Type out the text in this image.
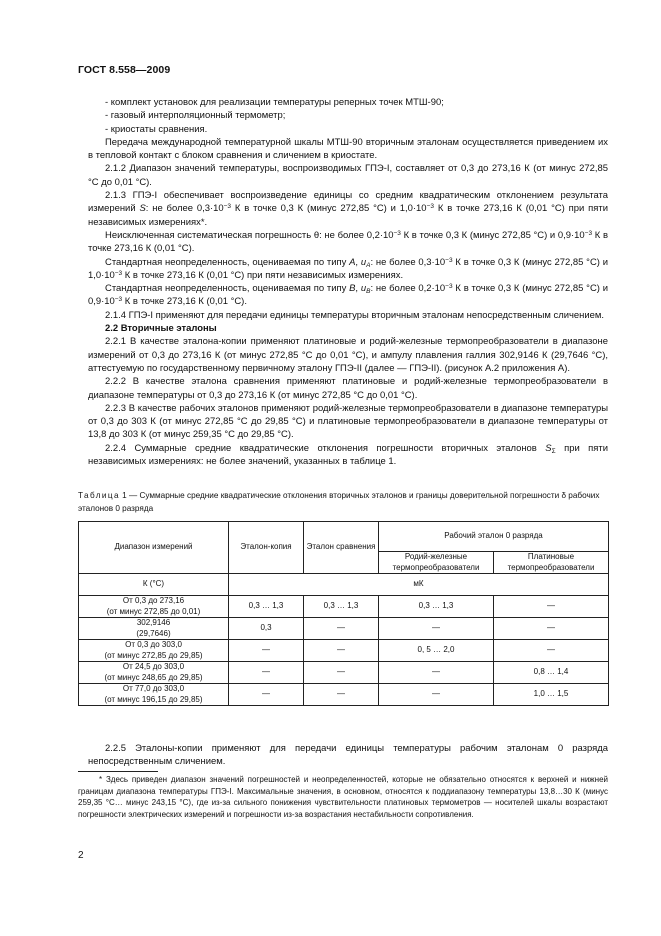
ГОСТ 8.558—2009

- комплект установок для реализации температуры реперных точек МТШ-90;

- газовый интерполяционный термометр;

- криостаты сравнения.

Передача международной температурной шкалы МТШ-90 вторичным эталонам осуществляется приведением их в тепловой контакт с блоком сравнения и сличением в криостате.

2.1.2 Диапазон значений температуры, воспроизводимых ГПЭ-I, составляет от 0,3 до 273,16 К (от минус 272,85 °С до 0,01 °С).

2.1.3 ГПЭ-I обеспечивает воспроизведение единицы со средним квадратическим отклонением результата измерений S: не более $0,3\cdot 10^{-3}$ К в точке 0,3 К (минус 272,85 °С) и $1,0\cdot 10^{-3}$ К в точке 273,16 К (0,01 °С) при пяти независимых измерениях*.

Неисключенная систематическая погрешность θ: не более $0,2\cdot 10^{-3}$ К в точке 0,3 К (минус 272,85 °С) и $0,9\cdot 10^{-3}$ К в точке 273,16 К (0,01 °С).

Стандартная неопределенность, оцениваемая по типу А, $u_A$: не более $0,3\cdot 10^{-3}$ К в точке 0,3 К (минус 272,85 °С) и $1,0\cdot 10^{-3}$ К в точке 273,16 К (0,01 °С) при пяти независимых измерениях.

Стандартная неопределенность, оцениваемая по типу В, $u_B$: не более $0,2\cdot 10^{-3}$ К в точке 0,3 К (минус 272,85 °С) и $0,9\cdot 10^{-3}$ К в точке 273,16 К (0,01 °С).

2.1.4 ГПЭ-I применяют для передачи единицы температуры вторичным эталонам непосредственным сличением.

2.2 Вторичные эталоны

2.2.1 В качестве эталона-копии применяют платиновые и родий-железные термопреобразователи в диапазоне измерений от 0,3 до 273,16 К (от минус 272,85 °С до 0,01 °С), и ампулу плавления галлия 302,9146 К (29,7646 °С), аттестуемую по государственному первичному эталону ГПЭ-II (далее — ГПЭ-II). (рисунок А.2 приложения А).

2.2.2 В качестве эталона сравнения применяют платиновые и родий-железные термопреобразователи в диапазоне температуры от 0,3 до 273,16 К (от минус 272,85 °С до 0,01 °С).

2.2.3 В качестве рабочих эталонов применяют родий-железные термопреобразователи в диапазоне температуры от 0,3 до 303 К (от минус 272,85 °С до 29,85 °С) и платиновые термопреобразователи в диапазоне температуры от 13,8 до 303 К (от минус 259,35 °С до 29,85 °С).

2.2.4 Суммарные средние квадратические отклонения погрешности вторичных эталонов $S_\Sigma$ при пяти независимых измерениях: не более значений, указанных в таблице 1.

Таблица 1 — Суммарные средние квадратические отклонения вторичных эталонов и границы доверительной погрешности δ рабочих эталонов 0 разряда
Диапазон измерений	Эталон-копия	Эталон сравнения	Рабочий эталон 0 разряда	
			Родий-железные термопреобразователи	Платиновые термопреобразователи
К (°С)	мК			

От 0,3 до 273,16
(от минус 272,85 до 0,01)	0,3 … 1,3	0,3 … 1,3	0,3 … 1,3	—

302,9146
(29,7646)	0,3	—	—	—

От 0,3 до 303,0
(от минус 272,85 до 29,85)	—	—	0, 5 … 2,0	—

От 24,5 до 303,0
(от минус 248,65 до 29,85)	—	—	—	0,8 … 1,4

От 77,0 до 303,0
(от минус 196,15 до 29,85)	—	—	—	1,0 … 1,5

2.2.5 Эталоны-копии применяют для передачи единицы температуры рабочим эталонам 0 разряда непосредственным сличением.

* Здесь приведен диапазон значений погрешностей и неопределенностей, которые не обязательно относятся к верхней и нижней границам диапазона температуры ГПЭ-I. Максимальные значения, в основном, относятся к поддиапазону температуры 13,8…30 К (минус 259,35 °С… минус 243,15 °С), где из-за сильного понижения чувствительности платиновых термометров — носителей шкалы возрастают погрешности электрических измерений и погрешности из-за возрастания нестабильности сопротивления.

2
